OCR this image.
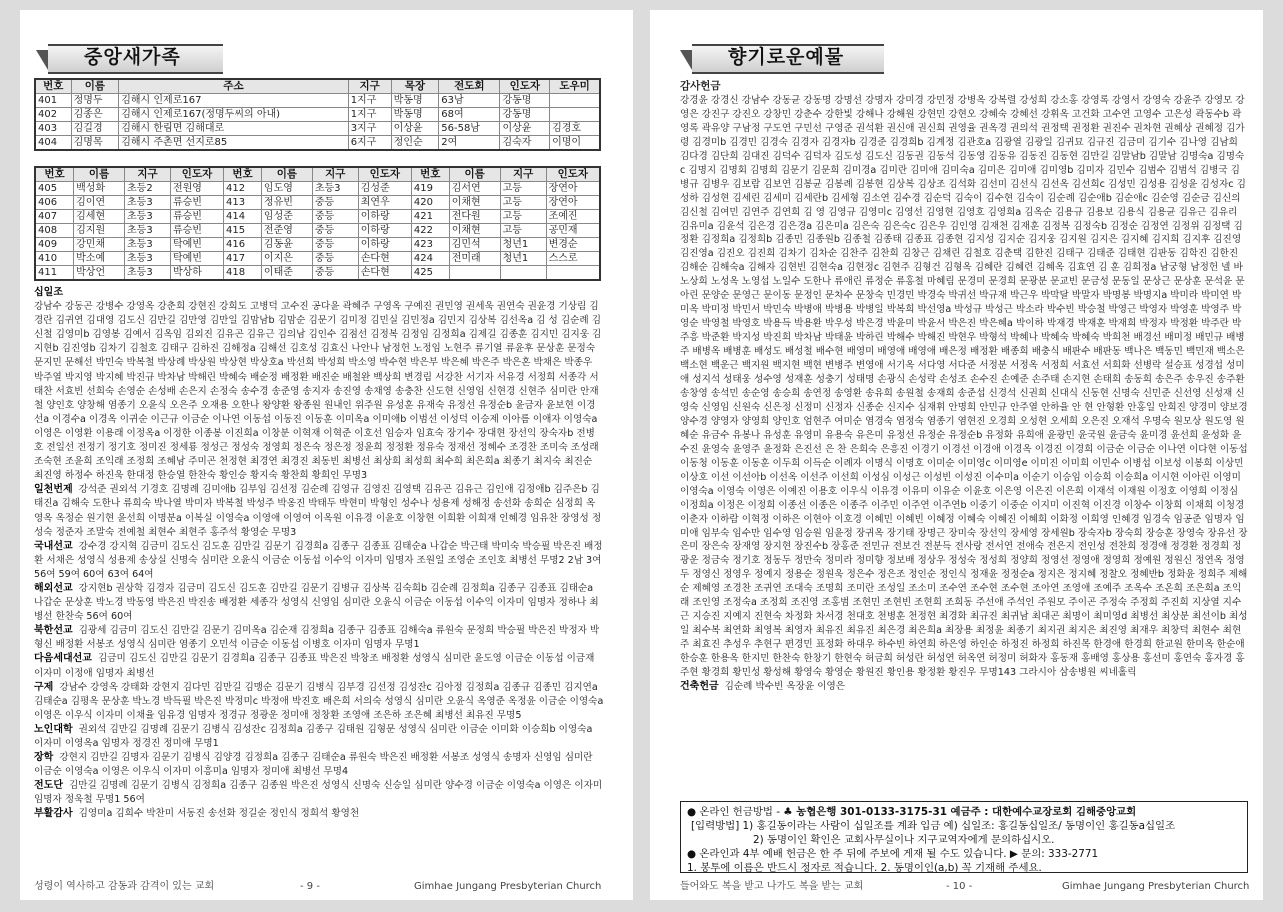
중앙새가족
번호	이름	주소	지구	목장	전도회	인도자	도우미
401	정명두	김해시 인제로167	1지구	박동명	63남	강동명	
402	김종은	김해시 인제로167(정명두씨의 아내)	1지구	박동명	68여	강동명	
403	김길경	김해시 한림면 김해대로	3지구	이상윤	56-58남	이상윤	김경호
404	김명목	김해시 주촌면 선지로85	6지구	정인순	2여	김숙자	이명이
번호	이름	지구	인도자	번호	이름	지구	인도자	번호	이름	지구	인도자
405	백성화	초등2	전원영	412	임도영	초등3	김성준	419	김서연	고등	장연아
406	김이연	초등3	류승빈	413	정유빈	중등	최연우	420	이채현	고등	장연아
407	김세현	초등3	류승빈	414	임성준	중등	이하랑	421	전다원	고등	조예진
408	김지원	초등3	류승빈	415	전준영	중등	이하랑	422	이채현	고등	공민재
409	강민채	초등3	탁예빈	416	김동윤	중등	이하랑	423	김민석	청년1	변경순
410	박소예	초등3	탁예빈	417	이지은	중등	손다현	424	전미래	청년1	스스로
411	박상언	초등3	박상하	418	이태준	중등	손다현	425			
십일조
강남수 강동곤 강병수 강영옥 강춘희 강현진 강희도 고병덕 고수진 공다윤 곽혜주 구영옥 구예진 권민영 권세욱 권연숙 권윤경 기상림 김경란 김귀연 김대영 김도신 김만길 김만영 김만일 김맘남b 김맘순 김문기 김미정 김민실 김민정a 김민지 김상복 김선옥a 김 성 김순례 김신철 김영미b 김영봉 김예서 김옥임 김외진 김유곤 김유근 김의남 김인수 김점선 김정복 김정임 김정희a 김제길 김종훈 김지민 김지웅 김지현b 김진영b 김차기 김철호 김태구 김하진 김해정a 김해선 김호성 김효신 나안나 남정헌 노정임 노현주 류기열 류윤후 문상훈 문정숙 문지민 문해선 박민숙 박복철 박상례 박상원 박상현 박상호a 박선희 박성희 박소영 박수현 박은부 박은혜 박은주 박은혼 박채은 박종우 박주열 박지영 박지혜 박진규 박차남 박해린 박혜숙 배순정 배정환 배진순 배철완 백상희 변경림 서강찬 서기자 서유경 서정희 서종각 서태찬 서효빈 선희숙 손영순 손성배 손은지 손정숙 송수경 송준영 송지자 송진영 송채영 송충찬 신도현 신영임 신현경 신현주 심미란 안재철 양인호 양창해 염종기 오윤식 오은주 오재용 오한나 왕양환 왕종원 원내인 위주원 유성훈 유재숙 유정선 유정순b 윤금자 윤보현 이경선a 이경수a 이경옥 이귀순 이근규 이금순 이나연 이동섭 이동진 이동훈 이미옥a 이미애b 이범선 이성덕 이승제 이아름 이애자 이영숙a 이영은 이영환 이용래 이정옥a 이정한 이종봉 이진희a 이창분 이혁재 이혁준 이호선 임승자 임효숙 장기수 장대현 장선익 장숙자b 전병호 전일선 전정기 정기호 정미진 정세룡 정성근 정성숙 정영희 정은숙 정은정 정윤희 정정환 정유숙 정재선 정혜수 조경찬 조미숙 조성래 조숙현 조윤희 조익래 조정희 조혜남 주미곤 천정현 최경연 최경진 최동빈 최병선 최상희 최성희 최수희 최은희a 최종기 최지숙 최진순 최진영 하정수 하진욱 한대정 한승열 한찬숙 황인승 황지숙 황찬희 황희인 무명3
일천번제 강석준 권외석 기경호 김명례 김미애b 김부임 김선정 김순례 김영규 김영진 김영택 김유곤 김유근 김인애 김정애b 김주은b 김태진a 김해숙 도한나 류희숙 박나열 박미자 박복철 박성주 박옹진 박태두 박현미 박형인 성수나 성용제 성해정 송선화 송희순 심정희 옥영옥 옥정순 원기현 윤선희 이명분a 이복실 이영숙a 이영애 이영여 이옥원 이유경 이윤호 이창현 이희환 이희재 인혜경 임유찬 장영성 정성숙 정준자 조말숙 전예철 최현수 최현주 홍주석 황영순 무명3
국내선교 강수경 강지혁 김금미 김도신 김도훈 김만길 김문기 김경희a 김종구 김종표 김태순a 나갑순 박근태 박미숙 박승필 박은진 배정환 서채은 성영식 성용제 송상실 신명숙 심미란 오윤식 이금순 이동섭 이수익 이자미 임명자 조원일 조영순 조인호 최병선 무명2 2남 3여 56여 59여 60여 63여 64여
해외선교 강지현b 권상학 김경자 김금미 김도신 김도훈 김만길 김문기 김병규 김상복 김숙희b 김순례 김정희a 김종구 김종표 김태순a 나갑순 문상훈 박노경 박동영 박은진 박진송 배정환 세종각 성영식 신영임 심미란 오윤식 이금순 이동섭 이수익 이자미 임명자 정하나 최병선 한찬숙 56여 60여
북한선교 김광세 김금미 김도신 김만길 김문기 김미옥a 김순재 김정희a 김종구 김종표 김해숙a 류원숙 문정희 박승필 박은진 박정자 박형신 배정환 서봉조 성영식 심미란 염종기 오민석 이금순 이동섭 이병호 이자미 임명자 무명1
다음세대선교 김금미 김도신 김만길 김문기 김경희a 김종구 김종표 박은진 박창조 배정환 성영식 심미란 윤도영 이금순 이동섭 이금재 이자미 이정애 임명자 최병선
구제 강남수 강영옥 강태화 강현지 김다민 김만길 김맹순 김문기 김병식 김부경 김선정 김성잔c 김아정 김정희a 김종규 김종민 김지연a 김태순a 김평옥 문상훈 박노경 박득필 박은진 박정미c 박정애 박진호 배은희 서의숙 성영식 심미란 오윤식 옥영준 옥정윤 이금순 이영숙a 이영은 이우식 이자미 이채율 임유경 임명자 정경규 정광운 정미애 정창환 조영애 조은하 조은혜 최병선 최유진 무명5
노인대학 권외석 김만길 김명례 김문기 김병식 김성잔c 김정희a 김종구 김태원 김형문 성영식 심미란 이금순 이미화 이승희b 이영숙a 이자미 이영옥a 임명자 정경진 정미애 무명1
장학 강현지 김만길 김명자 김문기 김병식 김양경 김정희a 김종구 김태순a 류원숙 박은진 배정환 서봉조 성영식 송명자 신영임 심미란 이금순 이영숙a 이영은 이우식 이자미 이흥미a 임명자 정미애 최병선 무명4
전도단 김만길 김명례 김문기 김병식 김정희a 김종구 김종원 박은진 성영식 신명숙 신승일 심미란 양수경 이금순 이영숙a 이영은 이자미 임명자 정욱철 무명1 56여
부활감사 김영미a 김희수 박찬미 서동진 송선화 정길순 정인식 정희석 황영천
성령이 역사하고 감동과 감격이 있는 교회	- 9 -	Gimhae Jungang Presbyterian Church
향기로운예물
감사헌금
강경윤 강경신 강남수 강동균 강동명 강명선 강명자 강미경 강민정 강병옥 강복렬 강성희 강소홍 강영록 강영서 강영숙 강윤주 강영모 강영은 강진구 강진오 강창민 강춘수 강한빛 강해나 강해원 강현민 강현오 강혜숙 강혜선 강휘옥 고건화 고수연 고영수 고은성 곽동수b 곽영록 곽유양 구남정 구도연 구민선 구영준 권석환 권신애 권신희 권영율 권옥경 권의석 권정택 권정환 권진수 권차현 권혜상 권혜정 김가령 김경미b 김경민 김경숙 김경자 김경자b 김경준 김경희b 김계정 김관호a 김광열 김광일 김귀묘 김규진 김금미 김기수 김나영 김남희 김다경 김단희 김대진 김덕수 김덕자 김도성 김도신 김동권 김동석 김동영 김동유 김동진 김동현 김만길 김말남b 김말남 김명숙a 김명숙c 김명지 김명회 김명희 김문기 김문희 김미경a 김미란 김미애 김미숙a 김미은 김미애 김미영b 김미자 김민수 김범수 김범석 김병국 김병규 김병우 김보람 김보연 김봉균 김봉례 김봉현 김상복 김상조 김석화 김선미 김선식 김선옥 김선희c 김성민 김성용 김성윤 김성자c 김성하 김성현 김세린 김세미 김세란b 김세형 김소연 김수경 김순덕 김숙이 김수현 김숙이 김순례 김순애b 김순애c 김순영 김순금 김신의 김신철 김여민 김연주 김연희 김 영 김영규 김영미c 김영선 김영현 김영호 김영희a 김옥순 김용규 김용보 김용식 김용균 김유근 김유리 김유미a 김윤석 김은경 김은경a 김은미a 김은숙 김은숙c 김은우 김인영 김재천 김재훈 김정복 김정숙b 김정순 김정연 김정위 김정택 김정환 김정희a 김정희b 김종민 김종원b 김종철 김종태 김종표 김종현 김지성 김지순 김지웅 김지원 김지은 김지혜 김지희 김지후 김진영 김진영a 김진오 김진희 김차기 김차순 김찬주 김찬희 김창근 김채린 김철호 김춘택 김한진 김태구 김태준 김태현 김판동 김학진 김한진 김해순 김해숙a 김해자 김현빈 김현숙a 김현정c 김현주 김형건 김형옥 김혜란 김혜련 김혜옥 김효연 김 훈 김희정a 남궁형 남정헌 넬 바 노상희 노성옥 노영섭 노일수 도한나 류애린 류정순 류홍철 마혜림 문경미 문경희 문광분 문교빈 문금성 문동일 문상근 문상훈 문석윤 문아린 문양순 문영근 문이동 문정인 문차수 문창숙 민경민 박경숙 박귀선 박규재 박근우 박막달 박말자 박명봉 박명지a 박미라 박미연 박미옥 박미정 박민서 박민숙 박병애 박병용 박병일 박복희 박선영a 박성규 박성근 박소라 박수빈 박승철 박영근 박영자 박영훈 박영주 박영순 박영철 박영호 박용득 박용환 박우성 박은경 박윤미 박윤서 박은진 박은혜a 박이하 박재경 박재훈 박재희 박정자 박정환 박주란 박주흥 박준환 박지성 박진희 박차남 박태윤 박하린 박해수 박해진 박현우 박형석 박혜나 박혜숙 박혜숙 박희천 배경선 배미정 배민규 배병주 배병옥 배병훈 배성도 배성철 배수현 배영미 배영애 배영애 배은정 배정환 배종희 배충식 배판수 배판동 백나은 백동민 백민재 백소은 백소현 백운근 백지원 백지현 백현 변병주 변영애 서기옥 서다영 서다준 서정분 서정옥 서정희 서효선 서희화 선병락 설승표 성경섭 성미애 성지석 성태웅 성수영 성재훈 성충기 성태명 손광식 손성락 손성조 손수진 손예준 손주태 손지현 손태희 송동희 송은주 송우진 송주환 송창영 송석민 송순영 송승희 송연정 송영환 송유희 송원철 송재희 송준섭 신경석 신권희 신대식 신동현 신명숙 신민준 신선영 신성재 신영숙 신영임 신원숙 신은정 신정미 신정자 신종순 신지수 심재휘 안명희 안민규 안주열 안하율 안 현 안형환 안홍일 안희진 양경미 양보경 양수경 양영자 양영희 양인호 엄현주 여미순 염경숙 염정숙 염종기 염현진 오경희 오성현 오세희 오은진 오재석 우명숙 원모상 원도영 원혜순 유금수 유봉나 유성훈 유영미 유용숙 유은미 유정선 유정순 유정순b 유정화 유희애 윤광민 윤국원 윤금숙 윤미경 윤선희 윤성화 윤수진 윤영숙 윤영주 윤정화 은진선 은 찬 은희숙 은흥진 이경기 이경선 이경애 이경옥 이경진 이경희 이금순 이금순 이나연 이다현 이동섭 이동청 이동훈 이동훈 이두희 이득순 이례자 이명식 이명호 이미순 이미영c 이미영e 이미진 이미희 이민수 이병섭 이보성 이봉희 이상민 이상호 이선 이선아b 이선옥 이선주 이선희 이성심 이성근 이성빈 이성진 이수미a 이순기 이승임 이승희 이승희a 이시현 이아린 이영미 이영숙a 이영숙 이영은 이예진 이용호 이우식 이유경 이유미 이유순 이윤호 이은영 이은진 이은희 이재석 이재원 이정호 이영희 이정심 이정희a 이정은 이정희 이종선 이종은 이종주 이주민 이주연 이주연b 이중기 이중순 이지미 이진혁 이진경 이창수 이창희 이채희 이청경 이춘자 이하람 이혁정 이하은 이현아 이호경 이혜민 이혜빈 이혜정 이혜숙 이혜진 이혜희 이화정 이희영 인혜경 임경숙 임공준 임명자 임미애 임부숙 임수만 임수영 임승원 임윤정 장귀옥 장기태 장명근 장미숙 장선익 장세영 장세원b 장숙자b 장숙희 장승훈 장영숙 장유선 장은미 장은숙 장재영 장지현 장진수b 장홍준 전민규 전보건 전분득 전사랑 전서연 전애숙 전은지 전인성 전찬희 정경애 정경환 정경희 정광운 정금숙 정기호 정동두 정만숙 정미라 정미향 정보배 정상우 정성숙 정성희 정양희 정영선 정영애 정영희 정예원 정원신 정연옥 정영두 정영신 정영우 정예지 정용순 정원욱 정은수 정은조 정인순 정인식 정재윤 정정순a 정지은 정지혜 정찰오 정혜반b 정화윤 정희주 제해순 제혜영 조경찬 조귀연 조대숙 조명희 조미란 조성일 조소미 조수연 조수현 조수현 조아연 조영애 조예주 조옥수 조온희 조은희a 조익래 조인영 조정숙a 조정희 조진영 조홍범 조현민 조현빈 조현희 조희동 주선애 주석인 주원모 주이곤 주정숙 주정희 주진희 지상열 지수근 지승진 지예지 진현숙 차정화 차서경 천대호 천병훈 천정현 최경화 최규진 최귀남 최대곤 최명이 최미영d 최병선 최상분 최선이b 최성일 최수복 최연화 최영복 최영자 최유진 최유진 최은경 최은희a 최장용 최정윤 최종기 최지권 최지은 최진영 최재우 최창덕 최현수 최현주 최효진 추성우 추현구 편경민 표정화 하대우 하수빈 하연희 하은영 하인순 하정진 하정희 하진목 한경애 한경희 한교원 한미옥 한순애 한승훈 한용옥 한지민 한찬숙 한창기 한현숙 허금희 허성란 허성연 허옥연 허정미 허화자 홍동재 홍배영 홍상용 홍선미 홍연숙 홍자경 홍주현 황경희 황민성 황성해 황영숙 황영순 황원진 황인용 황정환 황진우 무명143 그라시아 삼송병원 씨네홀릭
건축헌금 김순례 박수빈 옥장윤 이영은
● 온라인 헌금방법 - ♣ 농협은행 301-0133-3175-31 예금주 : 대한예수교장로회 김해중앙교회
[입력방법] 1) 홍길동이라는 사람이 십일조를 계좌 입금 예) 십일조: 홍길동십일조/ 동명이인 홍길동a십일조
2) 동명이인 확인은 교회사무실이나 지구교역자에게 문의하십시오.
● 온라인과 4부 예배 헌금은 한 주 뒤에 주보에 게재 될 수도 있습니다. ▶ 문의: 333-2771
1. 봉투에 이름은 반드시 정자로 적습니다. 2. 동명이인(a,b) 꼭 기재해 주세요.
들어와도 복을 받고 나가도 복을 받는 교회	- 10 -	Gimhae Jungang Presbyterian Church
